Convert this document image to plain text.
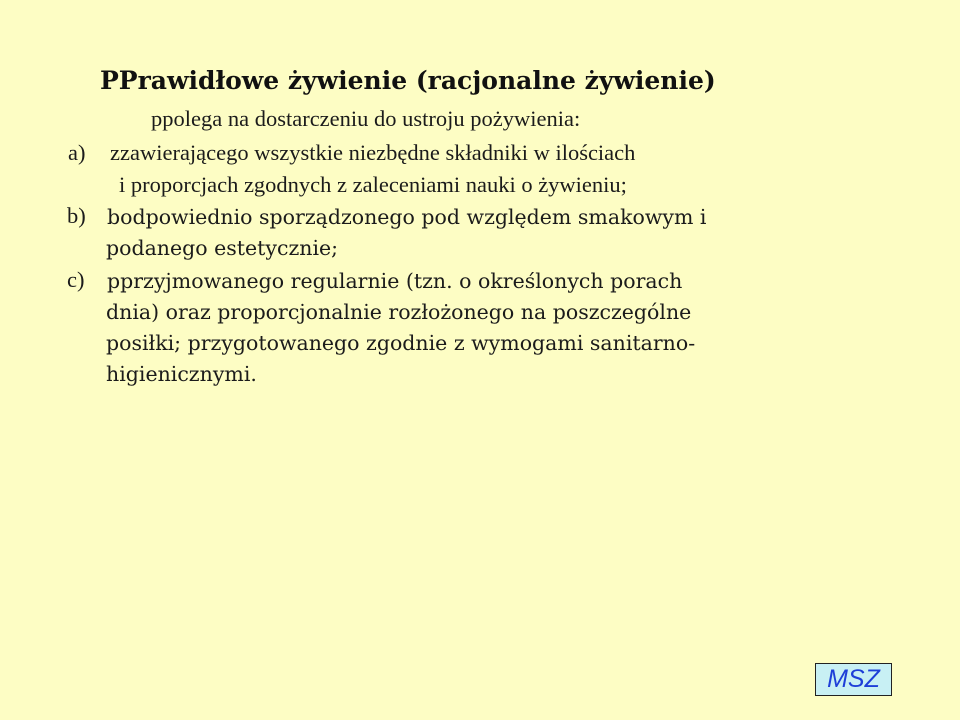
PPrawidłowe żywienie (racjonalne żywienie)

ppolega na dostarczeniu do ustroju pożywienia:

a) zzawierającego wszystkie niezbędne składniki w ilościach

i proporcjach zgodnych z zaleceniami nauki o żywieniu;

b) bodpowiednio sporządzonego pod względem smakowym i

podanego estetycznie;

c) pprzyjmowanego regularnie (tzn. o określonych porach

dnia) oraz proporcjonalnie rozłożonego na poszczególne

posiłki; przygotowanego zgodnie z wymogami sanitarno-

higienicznymi.

MSZ
